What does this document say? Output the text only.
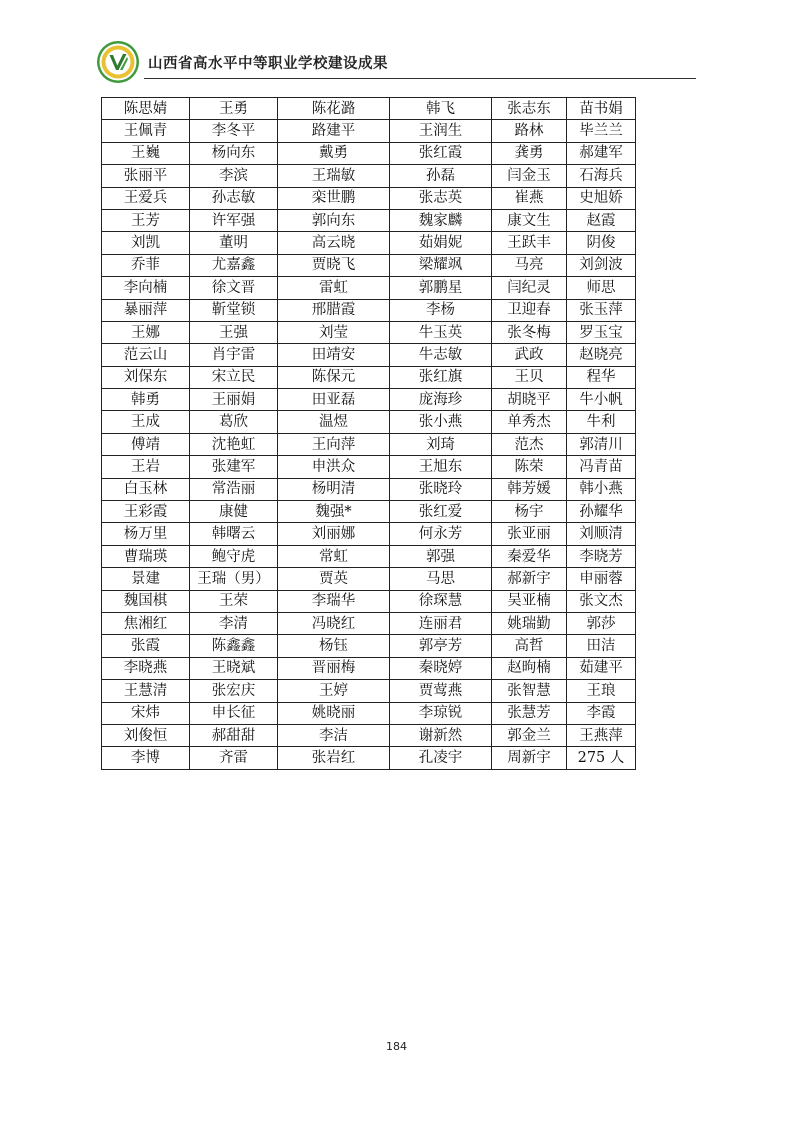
山西省高水平中等职业学校建设成果
陈思婧	王勇	陈花潞	韩飞	张志东	苗书娟
王佩青	李冬平	路建平	王润生	路林	毕兰兰
王巍	杨向东	戴勇	张红霞	龚勇	郝建军
张丽平	李滨	王瑞敏	孙磊	闫金玉	石海兵
王爱兵	孙志敏	栾世鹏	张志英	崔燕	史旭娇
王芳	许军强	郭向东	魏家麟	康文生	赵霞
刘凯	董明	高云晓	茹娟妮	王跃丰	阴俊
乔菲	尤嘉鑫	贾晓飞	梁耀飒	马亮	刘剑波
李向楠	徐文晋	雷虹	郭鹏星	闫纪灵	师思
暴丽萍	靳堂锁	邢腊霞	李杨	卫迎春	张玉萍
王娜	王强	刘莹	牛玉英	张冬梅	罗玉宝
范云山	肖宇雷	田靖安	牛志敏	武政	赵晓亮
刘保东	宋立民	陈保元	张红旗	王贝	程华
韩勇	王丽娟	田亚磊	庞海珍	胡晓平	牛小帆
王成	葛欣	温煜	张小燕	单秀杰	牛利
傅靖	沈艳虹	王向萍	刘琦	范杰	郭清川
王岩	张建军	申洪众	王旭东	陈荣	冯青苗
白玉林	常浩丽	杨明清	张晓玲	韩芳媛	韩小燕
王彩霞	康健	魏强*	张红爱	杨宇	孙耀华
杨万里	韩曙云	刘丽娜	何永芳	张亚丽	刘顺清
曹瑞瑛	鲍守虎	常虹	郭强	秦爱华	李晓芳
景建	王瑞（男）	贾英	马思	郝新宇	申丽蓉
魏国棋	王荣	李瑞华	徐琛慧	吴亚楠	张文杰
焦湘红	李清	冯晓红	连丽君	姚瑞勤	郭莎
张霞	陈鑫鑫	杨钰	郭亭芳	高哲	田洁
李晓燕	王晓斌	晋丽梅	秦晓婷	赵昫楠	茹建平
王慧清	张宏庆	王婷	贾莺燕	张智慧	王琅
宋炜	申长征	姚晓丽	李琼锐	张慧芳	李霞
刘俊恒	郝甜甜	李洁	谢新然	郭金兰	王燕萍
李博	齐雷	张岩红	孔凌宇	周新宇	275 人
184
